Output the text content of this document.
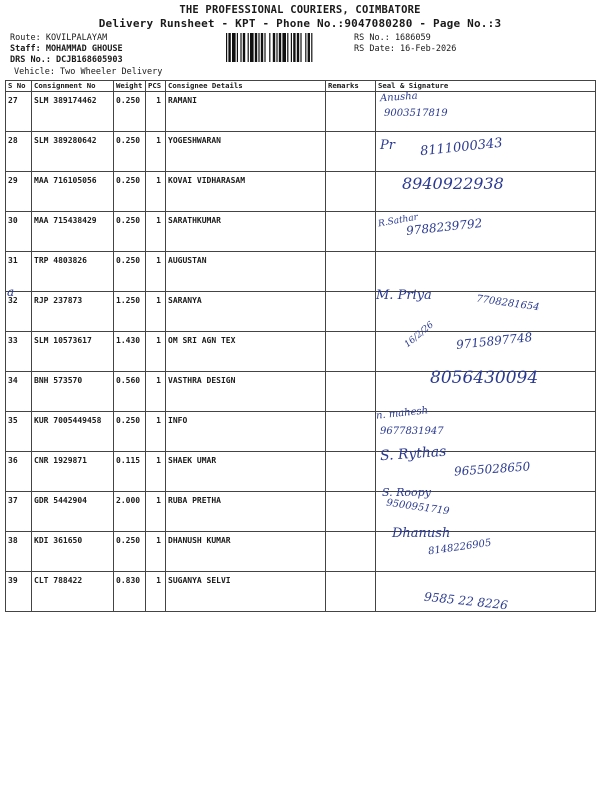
THE PROFESSIONAL COURIERS, COIMBATORE
Delivery Runsheet - KPT - Phone No.:9047080280 - Page No.:3
Route: KOVILPALAYAM
Staff: MOHAMMAD GHOUSE
DRS No.: DCJB168605903
RS No.: 1686059
RS Date: 16-Feb-2026
Vehicle: Two Wheeler Delivery
S No	Consignment No	Weight	PCS	Consignee Details	Remarks	Seal & Signature
27	SLM 389174462	0.250	1	RAMANI		Anusha
9003517819

28	SLM 389280642	0.250	1	YOGESHWARAN		Pr 8111000343

29	MAA 716105056	0.250	1	KOVAI VIDHARASAM		8940922938

30	MAA 715438429	0.250	1	SARATHKUMAR		R.Sathar
9788239792

31	TRP 4803826	0.250	1	AUGUSTAN		
32	RJP 237873	1.250	1	SARANYA		M. Priya 7708281654

33	SLM 10573617	1.430	1	OM SRI AGN TEX		16/2/26 9715897748

34	BNH 573570	0.560	1	VASTHRA DESIGN		8056430094

35	KUR 7005449458	0.250	1	INFO		n. mahesh
9677831947

36	CNR 1929871	0.115	1	SHAEK UMAR		S. Rythas
9655028650

37	GDR 5442904	2.000	1	RUBA PRETHA		S. Roopy
9500951719

38	KDI 361650	0.250	1	DHANUSH KUMAR		Dhanush
8148226905

39	CLT 788422	0.830	1	SUGANYA SELVI		9585 22 8226
a
